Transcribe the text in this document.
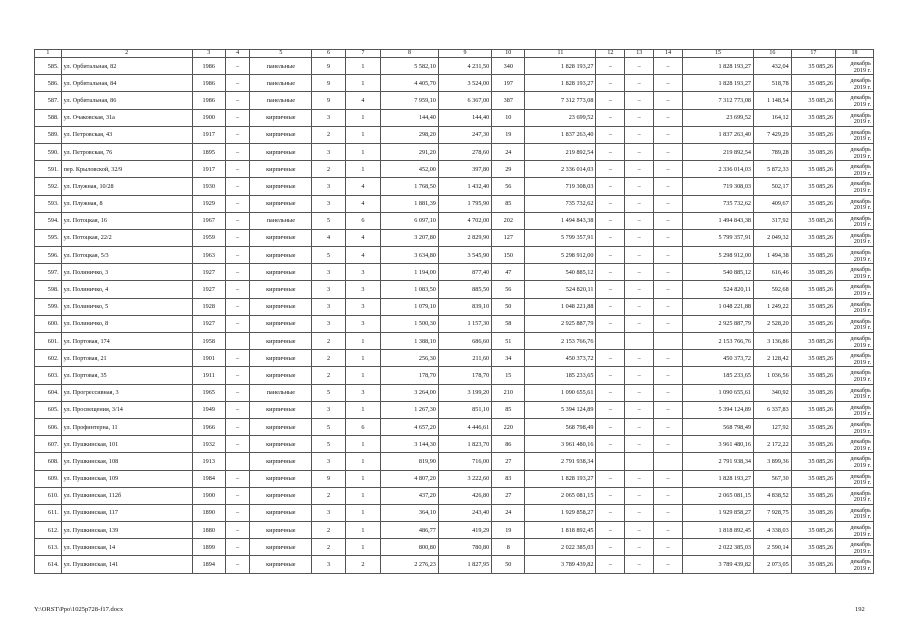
1	2	3	4	5	6	7	8	9	10	11	12	13	14	15	16	17	18
585.	ул. Орбитальная, 82	1986	–	панельные	9	1	5 582,10	4 231,50	340	1 828 193,27	–	–	–	1 828 193,27	432,04	35 085,26	декабрь 2019 г.
586.	ул. Орбитальная, 84	1986	–	панельные	9	1	4 405,70	3 524,00	197	1 828 193,27	–	–	–	1 828 193,27	518,78	35 085,26	декабрь 2019 г.
587.	ул. Орбитальная, 86	1986	–	панельные	9	4	7 959,10	6 367,00	387	7 312 773,08	–	–	–	7 312 773,08	1 148,54	35 085,26	декабрь 2019 г.
588.	ул. Очаковская, 31а	1900	–	кирпичные	3	1	144,40	144,40	10	23 699,52	–	–	–	23 699,52	164,12	35 085,26	декабрь 2019 г.
589.	ул. Петровская, 43	1917	–	кирпичные	2	1	298,20	247,30	19	1 837 263,40	–	–	–	1 837 263,40	7 429,29	35 085,26	декабрь 2019 г.
590.	ул. Петровская, 76	1895	–	кирпичные	3	1	291,20	278,60	24	219 892,54	–	–	–	219 892,54	789,28	35 085,26	декабрь 2019 г.
591.	пер. Крыловской, 32/9	1917	–	кирпичные	2	1	452,00	397,80	29	2 336 014,03	–	–	–	2 336 014,03	5 872,33	35 085,26	декабрь 2019 г.
592.	ул. Плужная, 10/28	1930	–	кирпичные	3	4	1 768,50	1 432,40	56	719 308,03	–	–	–	719 308,03	502,17	35 085,26	декабрь 2019 г.
593.	ул. Плужная, 8	1929	–	кирпичные	3	4	1 881,39	1 795,90	85	735 732,62	–	–	–	735 732,62	409,67	35 085,26	декабрь 2019 г.
594.	ул. Потоцкая, 16	1967	–	панельные	5	6	6 097,10	4 702,00	202	1 494 843,38	–	–	–	1 494 843,38	317,92	35 085,26	декабрь 2019 г.
595.	ул. Потоцкая, 22/2	1959	–	кирпичные	4	4	3 207,80	2 829,90	127	5 799 357,91	–	–	–	5 799 357,91	2 049,32	35 085,26	декабрь 2019 г.
596.	ул. Потоцкая, 5/3	1963	–	кирпичные	5	4	3 634,80	3 545,90	150	5 298 912,00	–	–	–	5 298 912,00	1 494,38	35 085,26	декабрь 2019 г.
597.	ул. Полиничко, 3	1927	–	кирпичные	3	3	1 194,00	877,40	47	540 885,12	–	–	–	540 885,12	616,46	35 085,26	декабрь 2019 г.
598.	ул. Полиничко, 4	1927	–	кирпичные	3	3	1 083,50	885,50	56	524 820,11	–	–	–	524 820,11	592,68	35 085,26	декабрь 2019 г.
599.	ул. Полиничко, 5	1928	–	кирпичные	3	3	1 079,10	839,10	50	1 048 221,88	–	–	–	1 048 221,88	1 249,22	35 085,26	декабрь 2019 г.
600.	ул. Полиничко, 8	1927	–	кирпичные	3	3	1 500,30	1 157,30	58	2 925 887,79	–	–	–	2 925 887,79	2 528,20	35 085,26	декабрь 2019 г.
601.	ул. Портовая, 174	1958		кирпичные	2	1	1 388,10	686,60	51	2 153 766,76				2 153 766,76	3 136,86	35 085,26	декабрь 2019 г.
602.	ул. Портовая, 21	1901	–	кирпичные	2	1	256,30	211,60	34	450 373,72	–	–	–	450 373,72	2 128,42	35 085,26	декабрь 2019 г.
603.	ул. Портовая, 35	1911	–	кирпичные	2	1	178,70	178,70	15	185 233,65	–	–	–	185 233,65	1 036,56	35 085,26	декабрь 2019 г.
604.	ул. Прогрессивная, 3	1965	–	панельные	5	3	3 264,00	3 199,20	210	1 090 655,61	–	–	–	1 090 655,61	340,92	35 085,26	декабрь 2019 г.
605.	ул. Просвещения, 3/14	1949	–	кирпичные	3	1	1 267,30	851,10	85	5 394 124,89	–	–	–	5 394 124,89	6 337,83	35 085,26	декабрь 2019 г.
606.	ул. Профинтерна, 11	1966	–	кирпичные	5	6	4 657,20	4 446,61	220	568 798,49	–	–	–	568 798,49	127,92	35 085,26	декабрь 2019 г.
607.	ул. Пушкинская, 101	1932	–	кирпичные	5	1	3 144,30	1 823,70	86	3 961 480,16	–	–	–	3 961 480,16	2 172,22	35 085,26	декабрь 2019 г.
608.	ул. Пушкинская, 108	1913		кирпичные	3	1	819,90	716,00	27	2 791 938,34				2 791 938,34	3 899,36	35 085,26	декабрь 2019 г.
609.	ул. Пушкинская, 109	1984	–	кирпичные	9	1	4 807,20	3 222,60	83	1 828 193,27	–	–	–	1 828 193,27	567,30	35 085,26	декабрь 2019 г.
610.	ул. Пушкинская, 112б	1900	–	кирпичные	2	1	437,20	426,80	27	2 065 081,15	–	–	–	2 065 081,15	4 838,52	35 085,26	декабрь 2019 г.
611.	ул. Пушкинская, 117	1890	–	кирпичные	3	1	364,10	243,40	24	1 929 858,27	–	–	–	1 929 858,27	7 928,75	35 085,26	декабрь 2019 г.
612.	ул. Пушкинская, 139	1880	–	кирпичные	2	1	486,77	419,29	19	1 818 892,45	–	–	–	1 818 892,45	4 338,03	35 085,26	декабрь 2019 г.
613.	ул. Пушкинская, 14	1899	–	кирпичные	2	1	800,80	780,80	8	2 022 385,03	–	–	–	2 022 385,03	2 590,14	35 085,26	декабрь 2019 г.
614.	ул. Пушкинская, 141	1894	–	кирпичные	3	2	2 276,23	1 827,95	50	3 789 439,82	–	–	–	3 789 439,82	2 073,05	35 085,26	декабрь 2019 г.
Y:\ORST\Ppo\1025p728-f17.docx	192
